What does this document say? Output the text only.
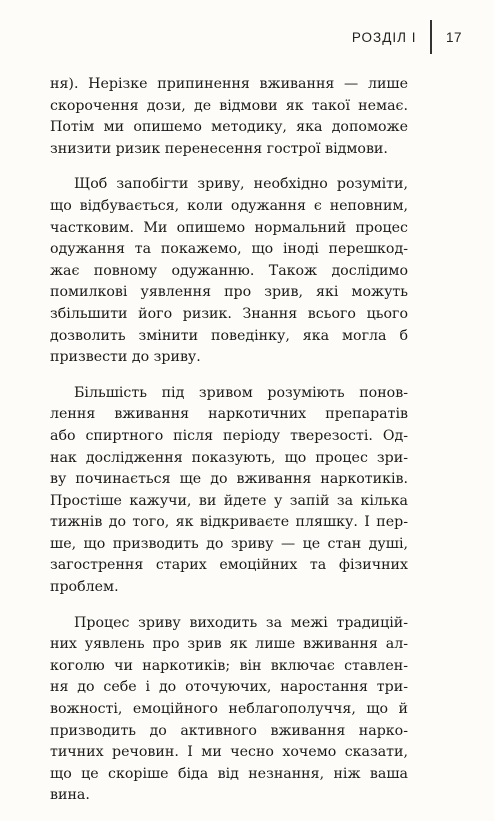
РОЗДІЛ І 17

ня). Нерізке припинення вживання — лише
скорочення дози, де відмови як такої немає.
Потім ми опишемо методику, яка допоможе
знизити ризик перенесення гострої відмови.

Щоб запобігти зриву, необхідно розуміти,
що відбувається, коли одужання є неповним,
частковим. Ми опишемо нормальний процес
одужання та покажемо, що іноді перешкод-
жає повному одужанню. Також дослідимо
помилкові уявлення про зрив, які можуть
збільшити його ризик. Знання всього цього
дозволить змінити поведінку, яка могла б
призвести до зриву.

Більшість під зривом розуміють понов-
лення вживання наркотичних препаратів
або спиртного після періоду тверезості. Од-
нак дослідження показують, що процес зри-
ву починається ще до вживання наркотиків.
Простіше кажучи, ви йдете у запій за кілька
тижнів до того, як відкриваєте пляшку. І пер-
ше, що призводить до зриву — це стан душі,
загострення старих емоційних та фізичних
проблем.

Процес зриву виходить за межі традицій-
них уявлень про зрив як лише вживання ал-
коголю чи наркотиків; він включає ставлен-
ня до себе і до оточуючих, наростання три-
вожності, емоційного неблагополуччя, що й
призводить до активного вживання нарко-
тичних речовин. І ми чесно хочемо сказати,
що це скоріше біда від незнання, ніж ваша
вина.
